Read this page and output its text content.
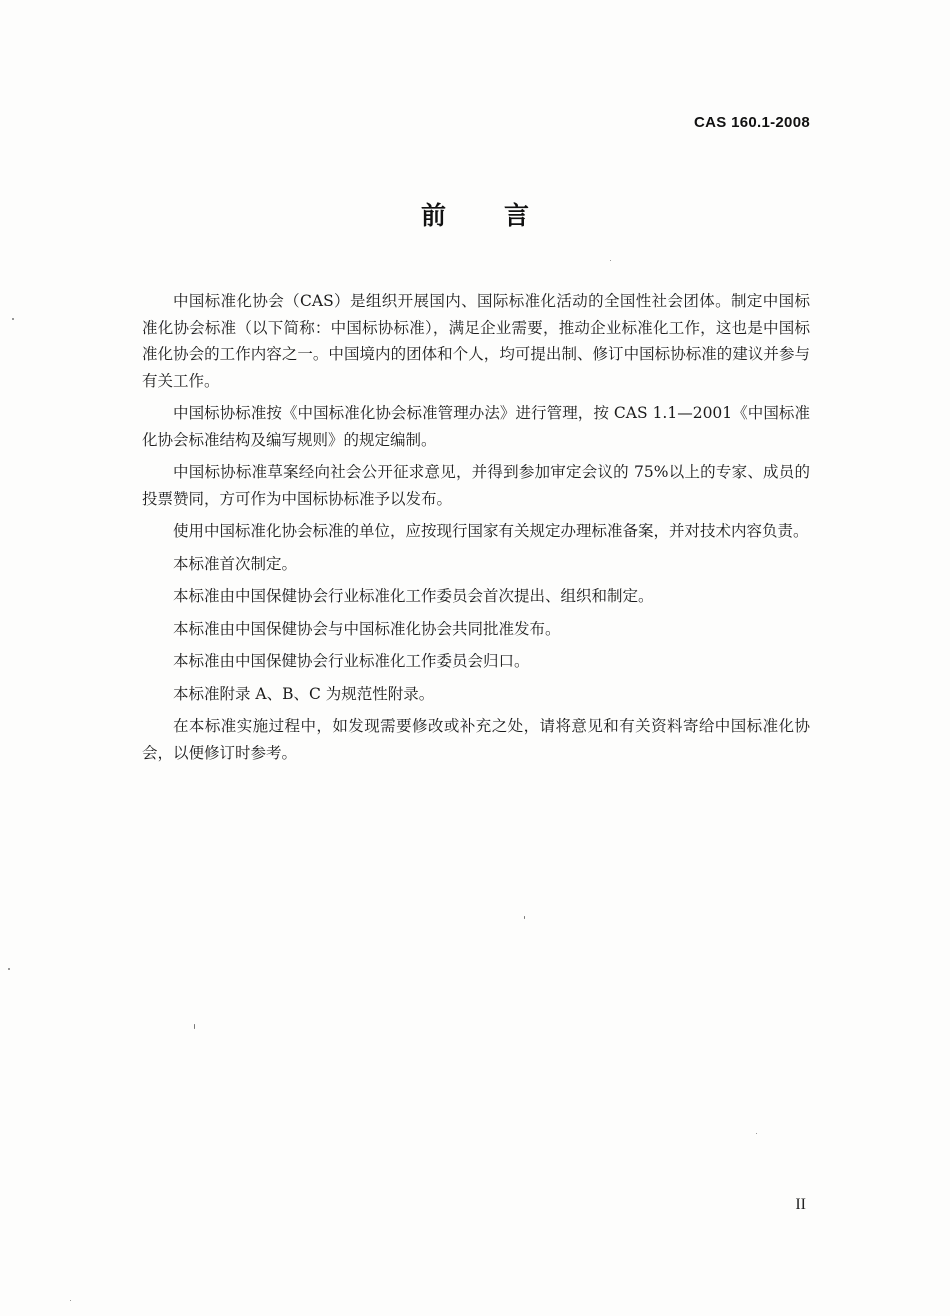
CAS 160.1-2008
前言

中国标准化协会（CAS）是组织开展国内、国际标准化活动的全国性社会团体。制定中国标准化协会标准（以下简称：中国标协标准），满足企业需要，推动企业标准化工作，这也是中国标准化协会的工作内容之一。中国境内的团体和个人，均可提出制、修订中国标协标准的建议并参与有关工作。

中国标协标准按《中国标准化协会标准管理办法》进行管理，按 CAS 1.1—2001《中国标准化协会标准结构及编写规则》的规定编制。

中国标协标准草案经向社会公开征求意见，并得到参加审定会议的 75%以上的专家、成员的投票赞同，方可作为中国标协标准予以发布。

使用中国标准化协会标准的单位，应按现行国家有关规定办理标准备案，并对技术内容负责。

本标准首次制定。

本标准由中国保健协会行业标准化工作委员会首次提出、组织和制定。

本标准由中国保健协会与中国标准化协会共同批准发布。

本标准由中国保健协会行业标准化工作委员会归口。

本标准附录 A、B、C 为规范性附录。

在本标准实施过程中，如发现需要修改或补充之处，请将意见和有关资料寄给中国标准化协会，以便修订时参考。

II
